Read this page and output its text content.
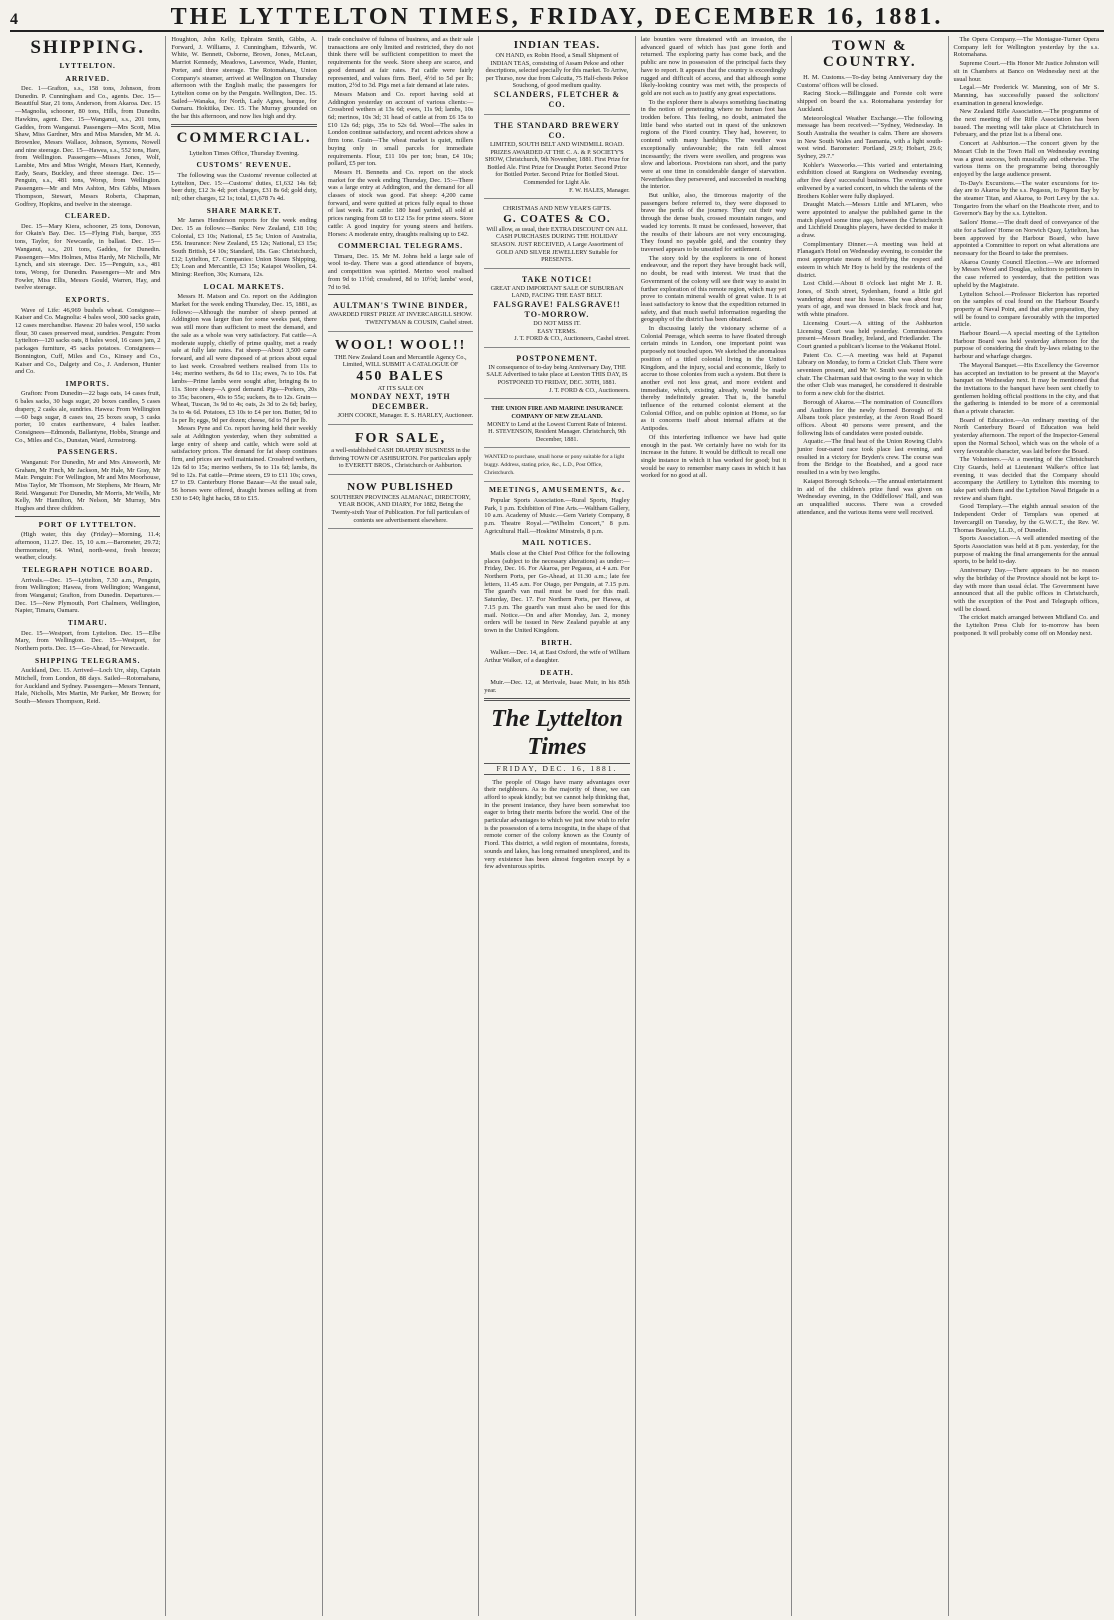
4	THE LYTTELTON TIMES, FRIDAY, DECEMBER 16, 1881.
SHIPPING.
LYTTELTON.
ARRIVED.

Dec. 1—Grafton, s.s., 158 tons, Johnson, from Dunedin. P. Cunningham and Co., agents. Dec. 15—Beautiful Star, 21 tons, Anderson, from Akaroa. Dec. 15—Magnolia, schooner, 80 tons, Hills, from Dunedin. Hawkins, agent. Dec. 15—Wanganui, s.s., 201 tons, Gaddes, from Wanganui. Passengers—Mrs Scott, Miss Shaw, Miss Gardner, Mrs and Miss Marsden, Mr M. A. Brownlee, Messrs Wallace, Johnson, Symons, Nowell and nine steerage. Dec. 15—Hawea, s.s., 552 tons, Hare, from Wellington. Passengers—Misses Jones, Wolf, Lambie, Mrs and Miss Wright, Messrs Hart, Kennedy, Eady, Sears, Buckley, and three steerage. Dec. 15—Penguin, s.s., 481 tons, Worsp, from Wellington. Passengers—Mr and Mrs Ashton, Mrs Gibbs, Misses Thompson, Stewart, Messrs Roberts, Chapman, Godfrey, Hopkins, and twelve in the steerage.

CLEARED.

Dec. 15—Mary Kiera, schooner, 25 tons, Donovan, for Okain's Bay. Dec. 15—Flying Fish, barque, 355 tons, Taylor, for Newcastle, in ballast. Dec. 15—Wanganui, s.s., 201 tons, Gaddes, for Dunedin. Passengers—Mrs Holmes, Miss Hardy, Mr Nicholls, Mr Lynch, and six steerage. Dec. 15—Penguin, s.s., 481 tons, Worsp, for Dunedin. Passengers—Mr and Mrs Fowler, Miss Ellis, Messrs Gould, Warren, Hay, and twelve steerage.

EXPORTS.

Wave of Life: 46,969 bushels wheat. Consignee—Kaiser and Co. Magnolia: 4 bales wool, 300 sacks grain, 12 cases merchandise. Hawea: 20 bales wool, 150 sacks flour, 30 cases preserved meat, sundries. Penguin: From Lyttelton—120 sacks oats, 8 bales wool, 16 cases jam, 2 packages furniture, 45 sacks potatoes. Consignees—Bonnington, Cuff, Miles and Co., Kinsey and Co., Kaiser and Co., Dalgety and Co., J. Anderson, Hunter and Co.

IMPORTS.

Grafton: From Dunedin—22 bags oats, 14 cases fruit, 6 bales sacks, 30 bags sugar, 20 boxes candles, 5 cases drapery, 2 casks ale, sundries. Hawea: From Wellington—60 bags sugar, 8 cases tea, 25 boxes soap, 3 casks porter, 10 crates earthenware, 4 bales leather. Consignees—Edmonds, Ballantyne, Hobbs, Strange and Co., Miles and Co., Dunstan, Ward, Armstrong.

PASSENGERS.

Wanganui: For Dunedin, Mr and Mrs Ainsworth, Mr Graham, Mr Finch, Mr Jackson, Mr Hale, Mr Gray, Mr Mair. Penguin: For Wellington, Mr and Mrs Moorhouse, Miss Taylor, Mr Thomson, Mr Stephens, Mr Hearn, Mr Reid. Wanganui: For Dunedin, Mr Morris, Mr Wells, Mr Kelly, Mr Hamilton, Mr Nelson, Mr Murray, Mrs Hughes and three children.

PORT OF LYTTELTON.

(High water, this day (Friday)—Morning, 11.4; afternoon, 11.27. Dec. 15, 10 a.m.—Barometer, 29.72; thermometer, 64. Wind, north-west, fresh breeze; weather, cloudy.

TELEGRAPH NOTICE BOARD.

Arrivals.—Dec. 15—Lyttelton, 7.30 a.m., Penguin, from Wellington; Hawea, from Wellington; Wanganui, from Wanganui; Grafton, from Dunedin. Departures.—Dec. 15—New Plymouth, Port Chalmers, Wellington, Napier, Timaru, Oamaru.

TIMARU.

Dec. 15—Westport, from Lyttelton. Dec. 15—Elbe Mary, from Wellington. Dec. 15—Westport, for Northern ports. Dec. 15—Go-Ahead, for Newcastle.

SHIPPING TELEGRAMS.

Auckland, Dec. 15. Arrived—Loch Urr, ship, Captain Mitchell, from London, 88 days. Sailed—Rotomahana, for Auckland and Sydney. Passengers—Messrs Tennant, Hale, Nicholls, Mrs Martin, Mr Parker, Mr Brown; for South—Messrs Thompson, Reid.

Houghton, John Kelly, Ephraim Smith, Gibbs, A. Forward, J. Williams, J. Cunningham, Edwards, W. White, W. Bennett, Osborne, Brown, Jones, McLean, Marriot Kennedy, Meadows, Lawrence, Wade, Hunter, Porter, and three steerage. The Rotomahana, Union Company's steamer, arrived at Wellington on Thursday afternoon with the English mails; the passengers for Lyttelton come on by the Penguin. Wellington, Dec. 15. Sailed—Wanaka, for North, Lady Agnes, barque, for Oamaru. Hokitika, Dec. 15. The Murray grounded on the bar this afternoon, and now lies high and dry.

COMMERCIAL.

Lyttelton Times Office, Thursday Evening.

CUSTOMS' REVENUE.

The following was the Customs' revenue collected at Lyttelton, Dec. 15:—Customs' duties, £1,632 14s 6d; beer duty, £12 3s 4d; port charges, £31 8s 6d; gold duty, nil; other charges, £2 1s; total, £1,678 7s 4d.

SHARE MARKET.

Mr James Henderson reports for the week ending Dec. 15 as follows:—Banks: New Zealand, £18 10s; Colonial, £3 10s; National, £5 5s; Union of Australia, £56. Insurance: New Zealand, £5 12s; National, £3 15s; South British, £4 10s; Standard, 18s. Gas: Christchurch, £12; Lyttelton, £7. Companies: Union Steam Shipping, £3; Loan and Mercantile, £3 15s; Kaiapoi Woollen, £4. Mining: Reefton, 30s; Kumara, 12s.

LOCAL MARKETS.

Messrs H. Matson and Co. report on the Addington Market for the week ending Thursday, Dec. 15, 1881, as follows:—Although the number of sheep penned at Addington was larger than for some weeks past, there was still more than sufficient to meet the demand, and the sale as a whole was very satisfactory. Fat cattle—A moderate supply, chiefly of prime quality, met a ready sale at fully late rates. Fat sheep—About 3,500 came forward, and all were disposed of at prices about equal to last week. Crossbred wethers realised from 11s to 14s; merino wethers, 8s 6d to 11s; ewes, 7s to 10s. Fat lambs—Prime lambs were sought after, bringing 8s to 11s. Store sheep—A good demand. Pigs—Porkers, 20s to 35s; baconers, 40s to 55s; suckers, 8s to 12s. Grain—Wheat, Tuscan, 3s 9d to 4s; oats, 2s 3d to 2s 6d; barley, 3s to 4s 6d. Potatoes, £3 10s to £4 per ton. Butter, 9d to 1s per lb; eggs, 9d per dozen; cheese, 6d to 7d per lb.

Messrs Pyne and Co. report having held their weekly sale at Addington yesterday, when they submitted a large entry of sheep and cattle, which were sold at satisfactory prices. The demand for fat sheep continues firm, and prices are well maintained. Crossbred wethers, 12s 6d to 15s; merino wethers, 9s to 11s 6d; lambs, 8s 9d to 12s. Fat cattle—Prime steers, £9 to £11 10s; cows, £7 to £9. Canterbury Horse Bazaar—At the usual sale, 56 horses were offered, draught horses selling at from £30 to £40; light hacks, £8 to £15.

trade conclusive of fulness of business, and as their sale transactions are only limited and restricted, they do not think there will be sufficient competition to meet the requirements for the week. Store sheep are scarce, and good demand at fair rates. Fat cattle were fairly represented, and values firm. Beef, 4½d to 5d per lb; mutton, 2½d to 3d. Pigs met a fair demand at late rates.

Messrs Matson and Co. report having sold at Addington yesterday on account of various clients:—Crossbred wethers at 13s 6d; ewes, 11s 9d; lambs, 10s 6d; merinos, 10s 3d; 31 head of cattle at from £6 15s to £10 12s 6d; pigs, 35s to 52s 6d. Wool—The sales in London continue satisfactory, and recent advices show a firm tone. Grain—The wheat market is quiet, millers buying only in small parcels for immediate requirements. Flour, £11 10s per ton; bran, £4 10s; pollard, £5 per ton.

Messrs H. Bennetts and Co. report on the stock market for the week ending Thursday, Dec. 15:—There was a large entry at Addington, and the demand for all classes of stock was good. Fat sheep: 4,200 came forward, and were quitted at prices fully equal to those of last week. Fat cattle: 180 head yarded, all sold at prices ranging from £8 to £12 15s for prime steers. Store cattle: A good inquiry for young steers and heifers. Horses: A moderate entry, draughts realising up to £42.

COMMERCIAL TELEGRAMS.

Timaru, Dec. 15. Mr M. Johns held a large sale of wool to-day. There was a good attendance of buyers, and competition was spirited. Merino wool realised from 9d to 11½d; crossbred, 8d to 10½d; lambs' wool, 7d to 9d.

AULTMAN'S TWINE BINDER,
AWARDED FIRST PRIZE AT INVERCARGILL SHOW.
TWENTYMAN & COUSIN, Cashel street.
WOOL! WOOL!!
THE New Zealand Loan and Mercantile Agency Co., Limited, WILL SUBMIT A CATALOGUE OF
450 BALES
AT ITS SALE ON
MONDAY NEXT, 19TH DECEMBER.
JOHN COOKE, Manager. E. S. HARLEY, Auctioneer.
FOR SALE,
a well-established CASH DRAPERY BUSINESS in the thriving TOWN OF ASHBURTON. For particulars apply to EVERETT BROS., Christchurch or Ashburton.
NOW PUBLISHED
SOUTHERN PROVINCES ALMANAC, DIRECTORY, YEAR BOOK, AND DIARY, For 1882, Being the Twenty-sixth Year of Publication. For full particulars of contents see advertisement elsewhere.
INDIAN TEAS.
ON HAND, ex Robin Hood, a Small Shipment of INDIAN TEAS, consisting of Assam Pekoe and other descriptions, selected specially for this market. To Arrive, per Thurso, now due from Calcutta, 75 Half-chests Pekoe Souchong, of good medium quality.
SCLANDERS, FLETCHER & CO.
THE STANDARD BREWERY CO.
LIMITED, SOUTH BELT AND WINDMILL ROAD. PRIZES AWARDED AT THE C. A. & P. SOCIETY'S SHOW, Christchurch, 9th November, 1881. First Prize for Bottled Ale. First Prize for Draught Porter. Second Prize for Bottled Porter. Second Prize for Bottled Stout. Commended for Light Ale.
F. W. HALES, Manager.
CHRISTMAS AND NEW YEAR'S GIFTS.
G. COATES & CO.
Will allow, as usual, their EXTRA DISCOUNT ON ALL CASH PURCHASES DURING THE HOLIDAY SEASON. JUST RECEIVED, A Large Assortment of GOLD AND SILVER JEWELLERY Suitable for PRESENTS.
TAKE NOTICE!
GREAT AND IMPORTANT SALE OF SUBURBAN LAND, FACING THE EAST BELT.
FALSGRAVE! FALSGRAVE!!
TO-MORROW.
DO NOT MISS IT.
EASY TERMS.
J. T. FORD & CO., Auctioneers, Cashel street.
POSTPONEMENT.
IN consequence of to-day being Anniversary Day, THE SALE Advertised to take place at Leeston THIS DAY, IS POSTPONED TO FRIDAY, DEC. 30TH, 1881.
J. T. FORD & CO., Auctioneers.
THE UNION FIRE AND MARINE INSURANCE COMPANY OF NEW ZEALAND.
MONEY to Lend at the Lowest Current Rate of Interest. H. STEVENSON, Resident Manager. Christchurch, 9th December, 1881.
WANTED to purchase, small horse or pony suitable for a light buggy. Address, stating price, &c., L.D., Post Office, Christchurch.
MEETINGS, AMUSEMENTS, &c.

Popular Sports Association.—Rural Sports, Hagley Park, 1 p.m. Exhibition of Fine Arts.—Waltham Gallery, 10 a.m. Academy of Music.—Gem Variety Company, 8 p.m. Theatre Royal.—"Wilhelm Concert," 8 p.m. Agricultural Hall.—Hoskins' Minstrels, 8 p.m.

MAIL NOTICES.

Mails close at the Chief Post Office for the following places (subject to the necessary alterations) as under:— Friday, Dec. 16. For Akaroa, per Pegasus, at 4 a.m. For Northern Ports, per Go-Ahead, at 11.30 a.m.; late fee letters, 11.45 a.m. For Otago, per Penguin, at 7.15 p.m. The guard's van mail must be used for this mail. Saturday, Dec. 17. For Northern Ports, per Hawea, at 7.15 p.m. The guard's van must also be used for this mail. Notice.—On and after Monday, Jan. 2, money orders will be issued in New Zealand payable at any town in the United Kingdom.

BIRTH.

Walker.—Dec. 14, at East Oxford, the wife of William Arthur Walker, of a daughter.

DEATH.

Muir.—Dec. 12, at Merivale, Isaac Muir, in his 85th year.

The Lyttelton Times
FRIDAY, DEC. 16, 1881.

The people of Otago have many advantages over their neighbours. As to the majority of these, we can afford to speak kindly; but we cannot help thinking that, in the present instance, they have been somewhat too eager to bring their merits before the world. One of the particular advantages to which we just now wish to refer is the possession of a terra incognita, in the shape of that remote corner of the colony known as the County of Fiord. This district, a wild region of mountains, forests, sounds and lakes, has long remained unexplored, and its very existence has been almost forgotten except by a few adventurous spirits.

late bounties were threatened with an invasion, the advanced guard of which has just gone forth and returned. The exploring party has come back, and the public are now in possession of the principal facts they have to report. It appears that the country is exceedingly rugged and difficult of access, and that although some likely-looking country was met with, the prospects of gold are not such as to justify any great expectations.

To the explorer there is always something fascinating in the notion of penetrating where no human foot has trodden before. This feeling, no doubt, animated the little band who started out in quest of the unknown regions of the Fiord country. They had, however, to contend with many hardships. The weather was exceptionally unfavourable; the rain fell almost incessantly; the rivers were swollen, and progress was slow and laborious. Provisions ran short, and the party were at one time in considerable danger of starvation. Nevertheless they persevered, and succeeded in reaching the interior.

But unlike, also, the timorous majority of the passengers before referred to, they were disposed to brave the perils of the journey. They cut their way through the dense bush, crossed mountain ranges, and waded icy torrents. It must be confessed, however, that the results of their labours are not very encouraging. They found no payable gold, and the country they traversed appears to be unsuited for settlement.

The story told by the explorers is one of honest endeavour, and the report they have brought back will, no doubt, be read with interest. We trust that the Government of the colony will see their way to assist in further exploration of this remote region, which may yet prove to contain mineral wealth of great value. It is at least satisfactory to know that the expedition returned in safety, and that much useful information regarding the geography of the district has been obtained.

In discussing lately the visionary scheme of a Colonial Peerage, which seems to have floated through certain minds in London, one important point was purposely not touched upon. We sketched the anomalous position of a titled colonial living in the United Kingdom, and the injury, social and economic, likely to accrue to those colonies from such a system. But there is another evil not less great, and more evident and immediate, which, existing already, would be made thereby indefinitely greater. That is, the baneful influence of the returned colonist element at the Colonial Office, and on public opinion at Home, so far as it concerns itself about internal affairs at the Antipodes.

Of this interfering influence we have had quite enough in the past. We certainly have no wish for its increase in the future. It would be difficult to recall one single instance in which it has worked for good; but it would be easy to remember many cases in which it has worked for no good at all.

TOWN & COUNTRY.

H. M. Customs.—To-day being Anniversary day the Customs' offices will be closed.

Racing Stock.—Billinggate and Foreste colt were shipped on board the s.s. Rotomahana yesterday for Auckland.

Meteorological Weather Exchange.—The following message has been received:—"Sydney, Wednesday. In South Australia the weather is calm. There are showers in New South Wales and Tasmania, with a light south-west wind. Barometer: Portland, 29.9; Hobart, 29.6; Sydney, 29.7."

Kohler's Waxworks.—This varied and entertaining exhibition closed at Rangiora on Wednesday evening, after five days' successful business. The evenings were enlivened by a varied concert, in which the talents of the Brothers Kohler were fully displayed.

Draught Match.—Messrs Little and M'Laren, who were appointed to analyse the published game in the match played some time ago, between the Christchurch and Lichfield Draughts players, have decided to make it a draw.

Complimentary Dinner.—A meeting was held at Flanagan's Hotel on Wednesday evening, to consider the most appropriate means of testifying the respect and esteem in which Mr Hoy is held by the residents of the district.

Lost Child.—About 8 o'clock last night Mr J. R. Jones, of Sixth street, Sydenham, found a little girl wandering about near his house. She was about four years of age, and was dressed in black frock and hat, with white pinafore.

Licensing Court.—A sitting of the Ashburton Licensing Court was held yesterday. Commissioners present—Messrs Bradley, Ireland, and Friedlander. The Court granted a publican's license to the Wakanui Hotel.

Patent Co. C.—A meeting was held at Papanui Library on Monday, to form a Cricket Club. There were seventeen present, and Mr W. Smith was voted to the chair. The Chairman said that owing to the way in which the other Club was managed, he considered it desirable to form a new club for the district.

Borough of Akaroa.—The nomination of Councillors and Auditors for the newly formed Borough of St Albans took place yesterday, at the Avon Road Board offices. About 40 persons were present, and the following lists of candidates were posted outside.

Aquatic.—The final heat of the Union Rowing Club's junior four-oared race took place last evening, and resulted in a victory for Bryden's crew. The course was from the Bridge to the Boatshed, and a good race resulted in a win by two lengths.

Kaiapoi Borough Schools.—The annual entertainment in aid of the children's prize fund was given on Wednesday evening, in the Oddfellows' Hall, and was an unqualified success. There was a crowded attendance, and the various items were well received.

The Opera Company.—The Montague-Turner Opera Company left for Wellington yesterday by the s.s. Rotomahana.

Supreme Court.—His Honor Mr Justice Johnston will sit in Chambers at Banco on Wednesday next at the usual hour.

Legal.—Mr Frederick W. Manning, son of Mr S. Manning, has successfully passed the solicitors' examination in general knowledge.

New Zealand Rifle Association.—The programme of the next meeting of the Rifle Association has been issued. The meeting will take place at Christchurch in February, and the prize list is a liberal one.

Concert at Ashburton.—The concert given by the Mozart Club in the Town Hall on Wednesday evening was a great success, both musically and otherwise. The various items on the programme being thoroughly enjoyed by the large audience present.

To-Day's Excursions.—The water excursions for to-day are to Akaroa by the s.s. Pegasus, to Pigeon Bay by the steamer Titan, and Akaroa, to Port Levy by the s.s. Tongariro from the wharf on the Heathcote river, and to Governor's Bay by the s.s. Lyttelton.

Sailors' Home.—The draft deed of conveyance of the site for a Sailors' Home on Norwich Quay, Lyttelton, has been approved by the Harbour Board, who have appointed a Committee to report on what alterations are necessary for the Board to take the premises.

Akaroa County Council Election.—We are informed by Messrs Wood and Douglas, solicitors to petitioners in the case referred to yesterday, that the petition was upheld by the Magistrate.

Lyttelton School.—Professor Bickerton has reported on the samples of coal found on the Harbour Board's property at Naval Point, and that after preparation, they will be found to compare favourably with the imported article.

Harbour Board.—A special meeting of the Lyttelton Harbour Board was held yesterday afternoon for the purpose of considering the draft by-laws relating to the harbour and wharfage charges.

The Mayoral Banquet.—His Excellency the Governor has accepted an invitation to be present at the Mayor's banquet on Wednesday next. It may be mentioned that the invitations to the banquet have been sent chiefly to gentlemen holding official positions in the city, and that the gathering is intended to be more of a ceremonial than a private character.

Board of Education.—An ordinary meeting of the North Canterbury Board of Education was held yesterday afternoon. The report of the Inspector-General upon the Normal School, which was on the whole of a very favourable character, was laid before the Board.

The Volunteers.—At a meeting of the Christchurch City Guards, held at Lieutenant Walker's office last evening, it was decided that the Company should accompany the Artillery to Lyttelton this morning to take part with them and the Lyttelton Naval Brigade in a review and sham fight.

Good Templary.—The eighth annual session of the Independent Order of Templars was opened at Invercargill on Tuesday, by the G.W.C.T., the Rev. W. Thomas Beasley, LL.D., of Dunedin.

Sports Association.—A well attended meeting of the Sports Association was held at 8 p.m. yesterday, for the purpose of making the final arrangements for the annual sports, to be held to-day.

Anniversary Day.—There appears to be no reason why the birthday of the Province should not be kept to-day with more than usual éclat. The Government have announced that all the public offices in Christchurch, with the exception of the Post and Telegraph offices, will be closed.

The cricket match arranged between Midland Co. and the Lyttelton Press Club for to-morrow has been postponed. It will probably come off on Monday next.
